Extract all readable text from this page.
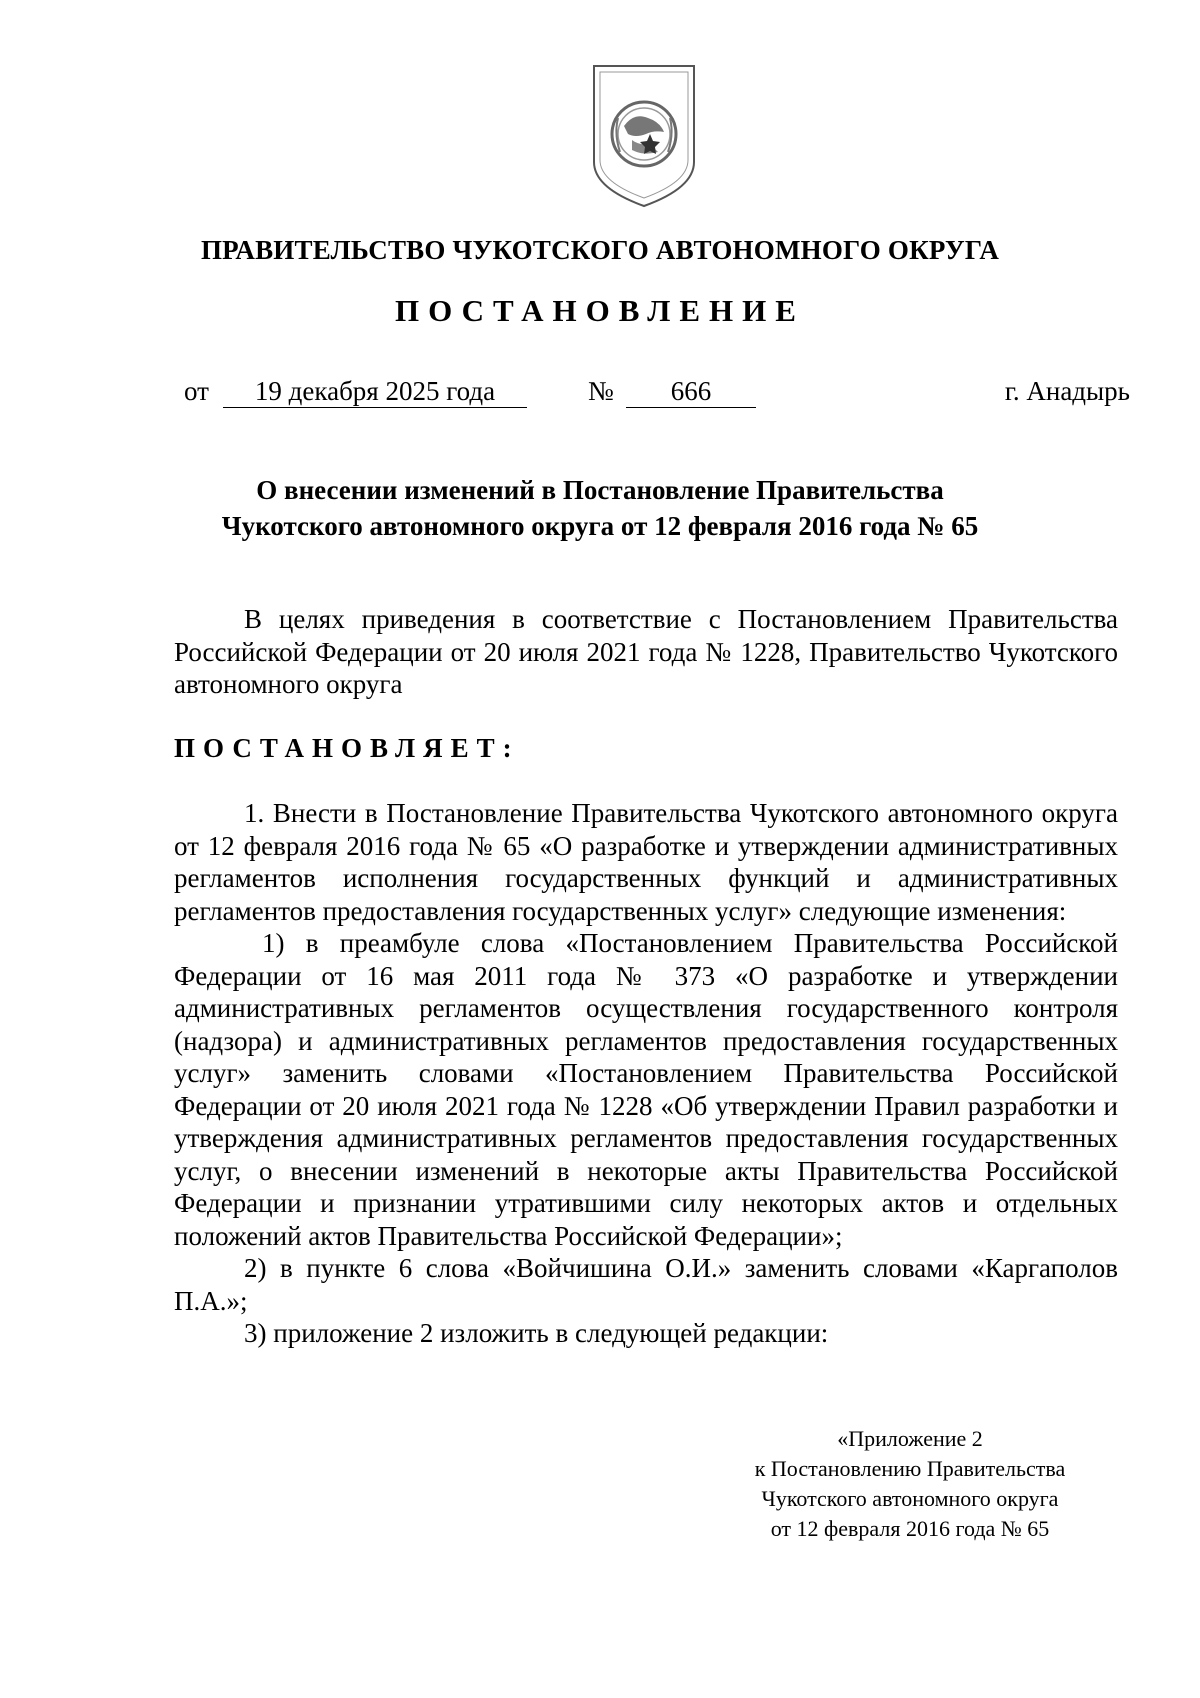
ПРАВИТЕЛЬСТВО ЧУКОТСКОГО АВТОНОМНОГО ОКРУГА
ПОСТАНОВЛЕНИЕ
от	19 декабря 2025 года	№	666	г. Анадырь
О внесении изменений в Постановление Правительства
Чукотского автономного округа от 12 февраля 2016 года № 65
В целях приведения в соответствие с Постановлением Правительства Российской Федерации от 20 июля 2021 года № 1228, Правительство Чукотского автономного округа
ПОСТАНОВЛЯЕТ:
1. Внести в Постановление Правительства Чукотского автономного округа от 12 февраля 2016 года № 65 «О разработке и утверждении административных регламентов исполнения государственных функций и административных регламентов предоставления государственных услуг» следующие изменения:
1) в преамбуле слова «Постановлением Правительства Российской Федерации от 16 мая 2011 года № 373 «О разработке и утверждении административных регламентов осуществления государственного контроля (надзора) и административных регламентов предоставления государственных услуг» заменить словами «Постановлением Правительства Российской Федерации от 20 июля 2021 года № 1228 «Об утверждении Правил разработки и утверждения административных регламентов предоставления государственных услуг, о внесении изменений в некоторые акты Правительства Российской Федерации и признании утратившими силу некоторых актов и отдельных положений актов Правительства Российской Федерации»;
2) в пункте 6 слова «Войчишина О.И.» заменить словами «Каргаполов П.А.»;
3) приложение 2 изложить в следующей редакции:
«Приложение 2
к Постановлению Правительства
Чукотского автономного округа
от 12 февраля 2016 года № 65
